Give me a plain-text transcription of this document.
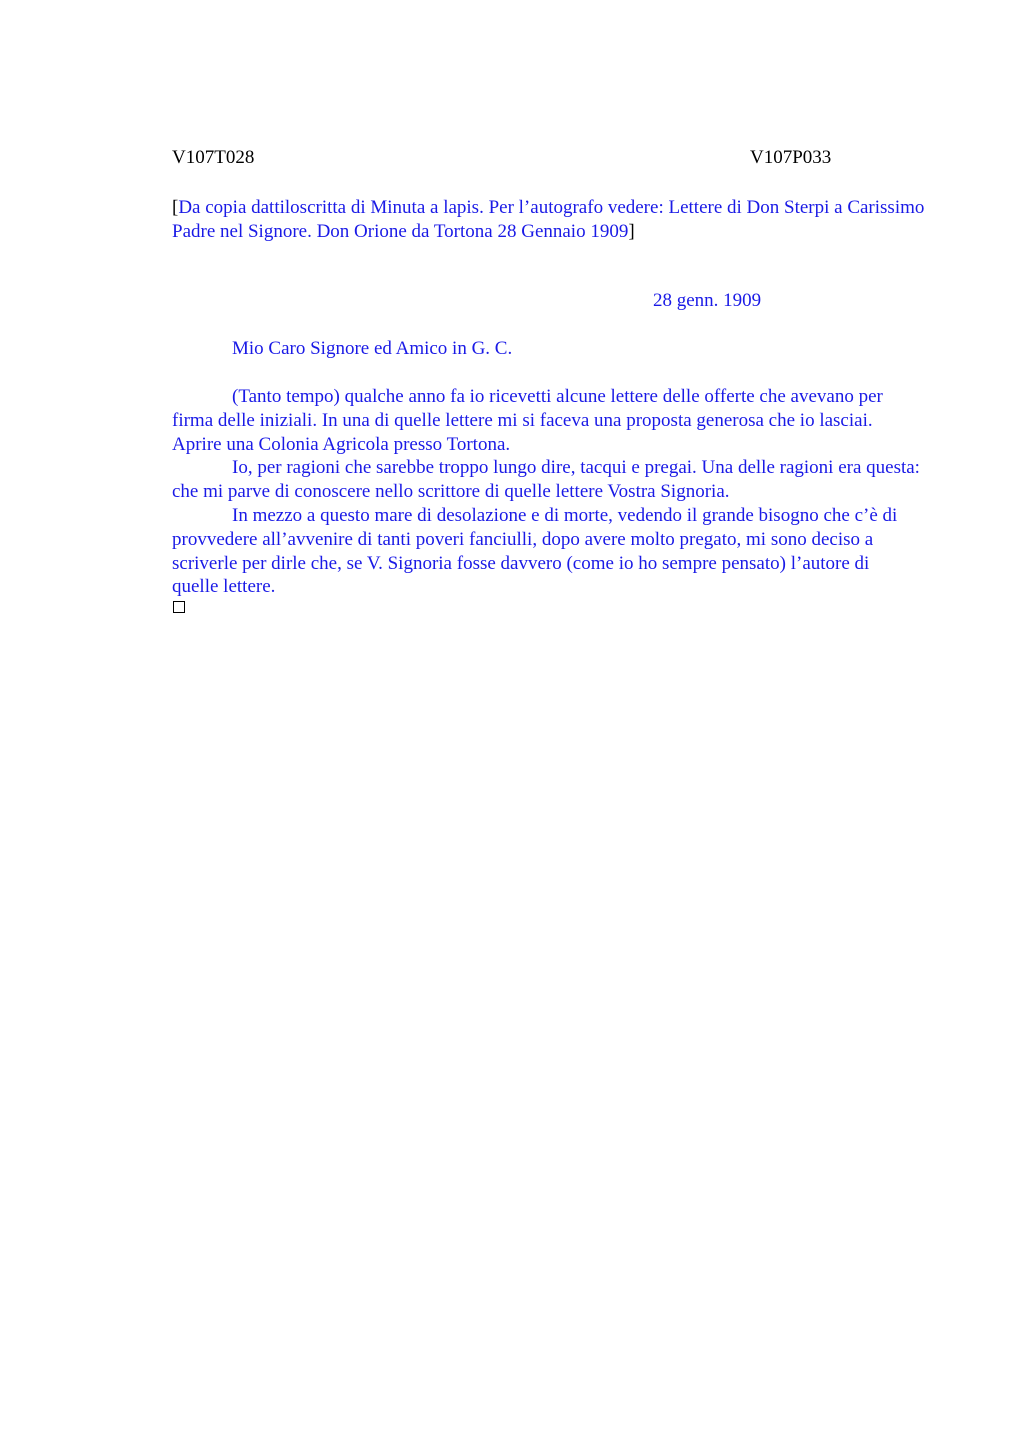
V107T028	V107P033
[Da copia dattiloscritta di Minuta a lapis. Per l’autografo vedere: Lettere di Don Sterpi a Carissimo Padre nel Signore. Don Orione da Tortona 28 Gennaio 1909]
28 genn. 1909
Mio Caro Signore ed Amico in G. C.

(Tanto tempo) qualche anno fa io ricevetti alcune lettere delle offerte che avevano per firma delle iniziali. In una di quelle lettere mi si faceva una proposta generosa che io lasciai. Aprire una Colonia Agricola presso Tortona.

Io, per ragioni che sarebbe troppo lungo dire, tacqui e pregai. Una delle ragioni era questa: che mi parve di conoscere nello scrittore di quelle lettere Vostra Signoria.

In mezzo a questo mare di desolazione e di morte, vedendo il grande bisogno che c’è di provvedere all’avvenire di tanti poveri fanciulli, dopo avere molto pregato, mi sono deciso a scriverle per dirle che, se V. Signoria fosse davvero (come io ho sempre pensato) l’autore di quelle lettere.
